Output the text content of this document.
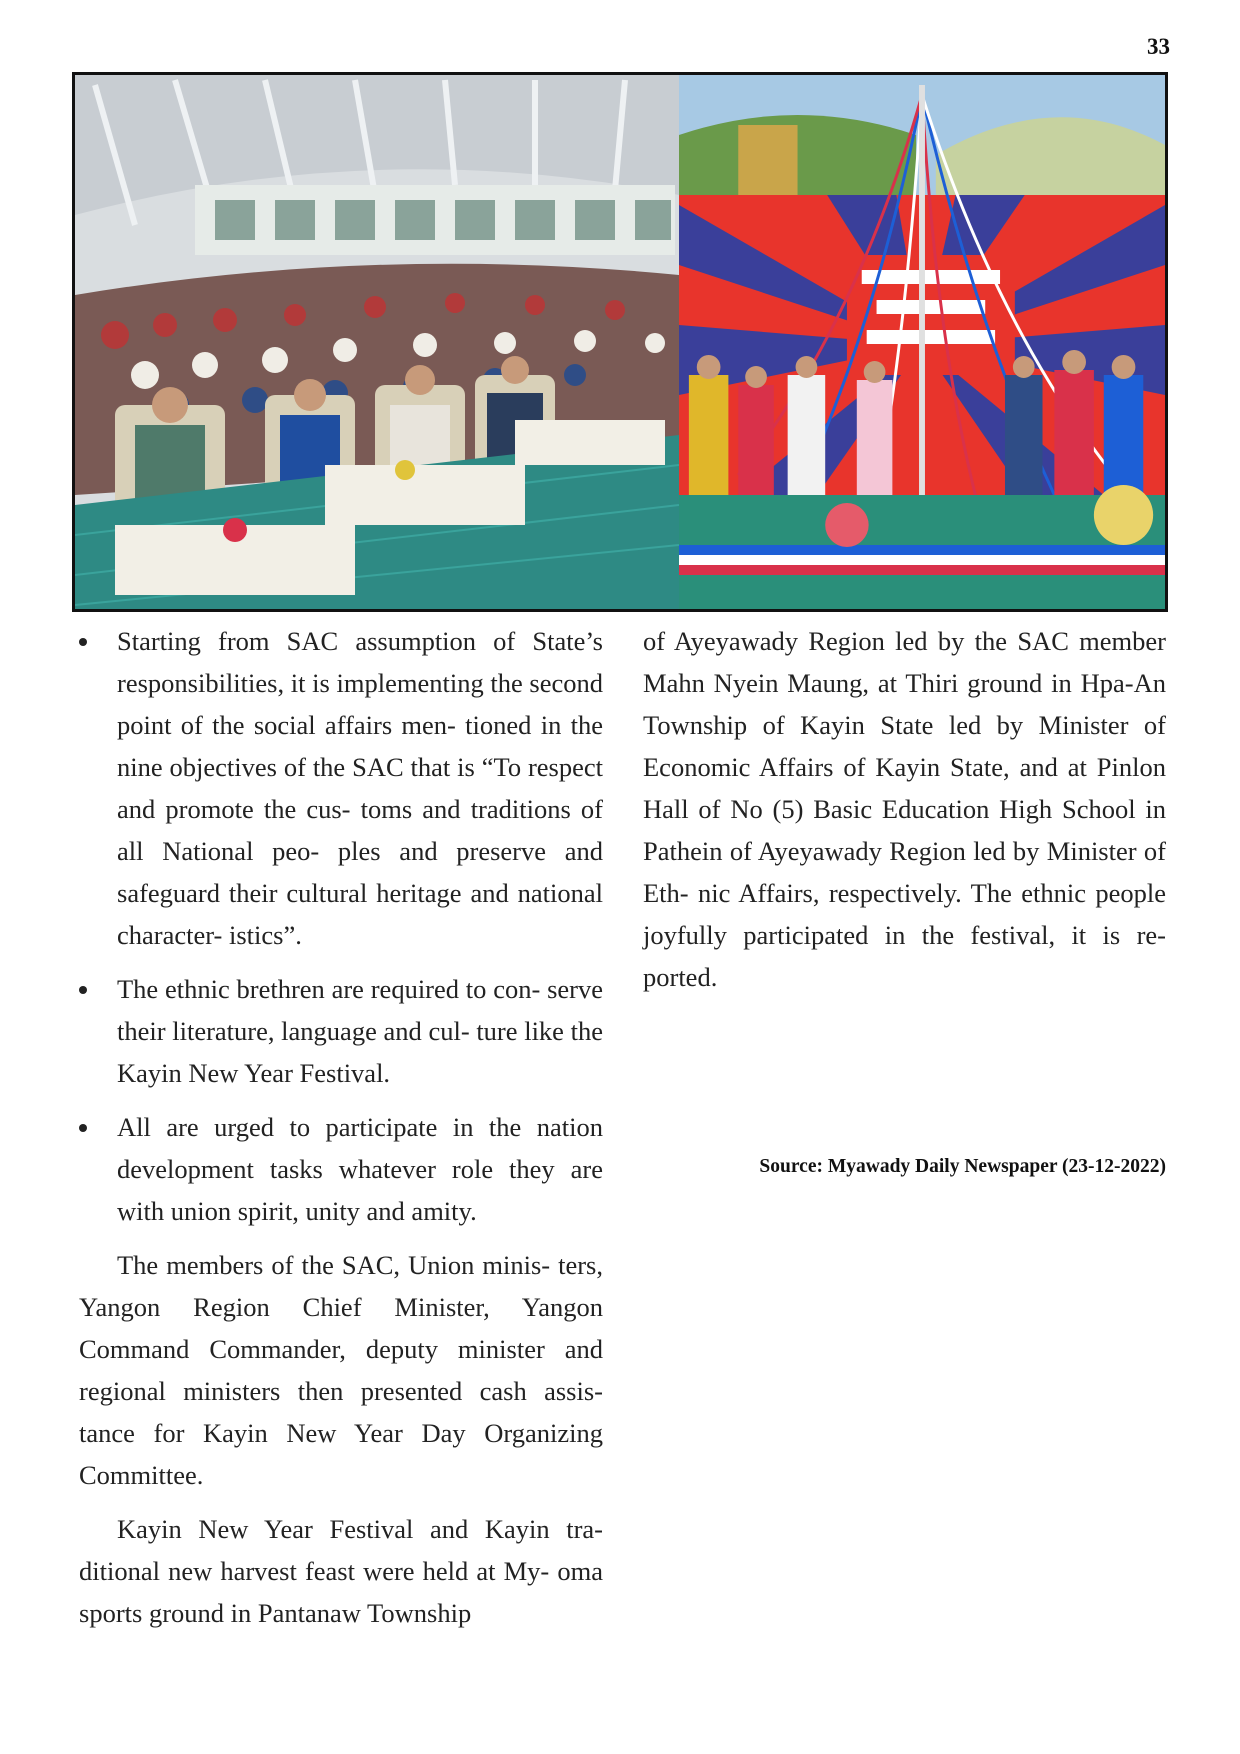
33
Starting from SAC assumption of State’s responsibilities, it is implementing the second point of the social affairs men- tioned in the nine objectives of the SAC that is “To respect and promote the cus- toms and traditions of all National peo- ples and preserve and safeguard their cultural heritage and national character- istics”.
The ethnic brethren are required to con- serve their literature, language and cul- ture like the Kayin New Year Festival.
All are urged to participate in the nation development tasks whatever role they are with union spirit, unity and amity.

The members of the SAC, Union minis- ters, Yangon Region Chief Minister, Yangon Command Commander, deputy minister and regional ministers then presented cash assis- tance for Kayin New Year Day Organizing Committee.

Kayin New Year Festival and Kayin tra- ditional new harvest feast were held at My- oma sports ground in Pantanaw Township

of Ayeyawady Region led by the SAC member Mahn Nyein Maung, at Thiri ground in Hpa-An Township of Kayin State led by Minister of Economic Affairs of Kayin State, and at Pinlon Hall of No (5) Basic Education High School in Pathein of Ayeyawady Region led by Minister of Eth- nic Affairs, respectively. The ethnic people joyfully participated in the festival, it is re- ported.

Source: Myawady Daily Newspaper (23-12-2022)
